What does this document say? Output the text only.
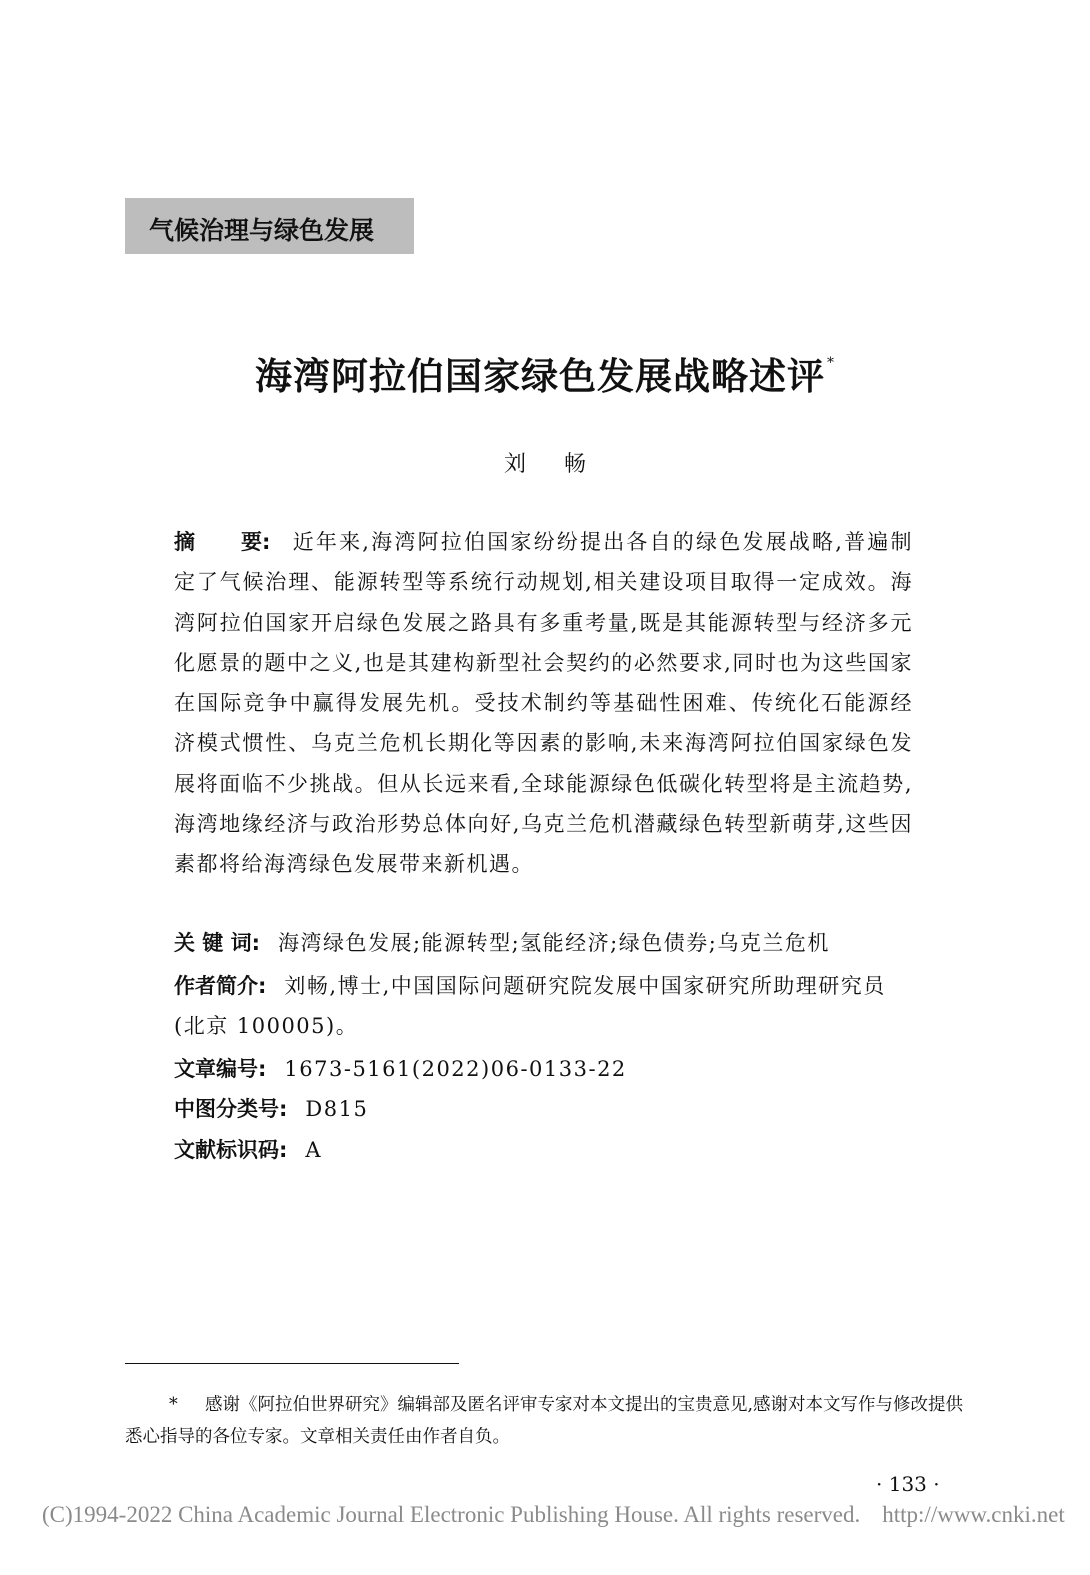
气候治理与绿色发展
海湾阿拉伯国家绿色发展战略述评 *
刘 畅
摘 要: 近年来,海湾阿拉伯国家纷纷提出各自的绿色发展战略,普遍制定了气候治理、能源转型等系统行动规划,相关建设项目取得一定成效。海湾阿拉伯国家开启绿色发展之路具有多重考量,既是其能源转型与经济多元化愿景的题中之义,也是其建构新型社会契约的必然要求,同时也为这些国家在国际竞争中赢得发展先机。受技术制约等基础性困难、传统化石能源经济模式惯性、乌克兰危机长期化等因素的影响,未来海湾阿拉伯国家绿色发展将面临不少挑战。但从长远来看,全球能源绿色低碳化转型将是主流趋势,海湾地缘经济与政治形势总体向好,乌克兰危机潜藏绿色转型新萌芽,这些因素都将给海湾绿色发展带来新机遇。
关 键 词: 海湾绿色发展;能源转型;氢能经济;绿色债券;乌克兰危机
作者简介: 刘畅,博士,中国国际问题研究院发展中国家研究所助理研究员(北京 100005)。
文章编号: 1673-5161(2022)06-0133-22
中图分类号: D815
文献标识码: A
* 感谢《阿拉伯世界研究》编辑部及匿名评审专家对本文提出的宝贵意见,感谢对本文写作与修改提供悉心指导的各位专家。文章相关责任由作者自负。
· 133 ·
(C)1994-2022 China Academic Journal Electronic Publishing House. All rights reserved. http://www.cnki.net
